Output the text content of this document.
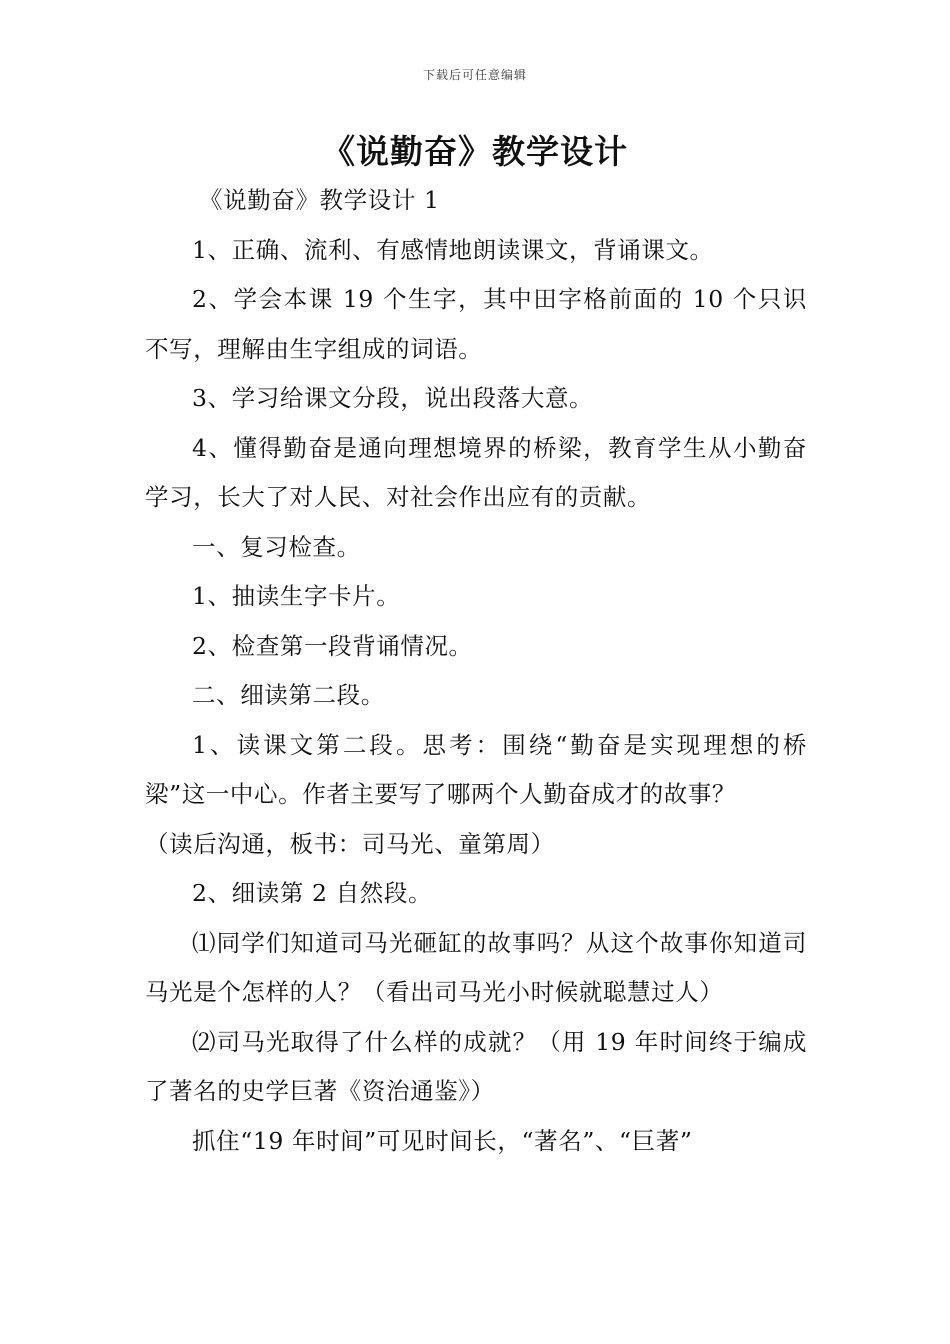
下载后可任意编辑
《说勤奋》教学设计

《说勤奋》教学设计 1

1、正确、流利、有感情地朗读课文，背诵课文。

2、学会本课 19 个生字，其中田字格前面的 10 个只识不写，理解由生字组成的词语。

3、学习给课文分段，说出段落大意。

4、懂得勤奋是通向理想境界的桥梁，教育学生从小勤奋学习，长大了对人民、对社会作出应有的贡献。

一、复习检查。

1、抽读生字卡片。

2、检查第一段背诵情况。

二、细读第二段。

1、读课文第二段。思考：围绕“勤奋是实现理想的桥梁”这一中心。作者主要写了哪两个人勤奋成才的故事？

（读后沟通，板书：司马光、童第周）

2、细读第 2 自然段。

⑴同学们知道司马光砸缸的故事吗？从这个故事你知道司马光是个怎样的人？（看出司马光小时候就聪慧过人）

⑵司马光取得了什么样的成就？（用 19 年时间终于编成了著名的史学巨著《资治通鉴》）

抓住“19 年时间”可见时间长，“著名”、“巨著”
